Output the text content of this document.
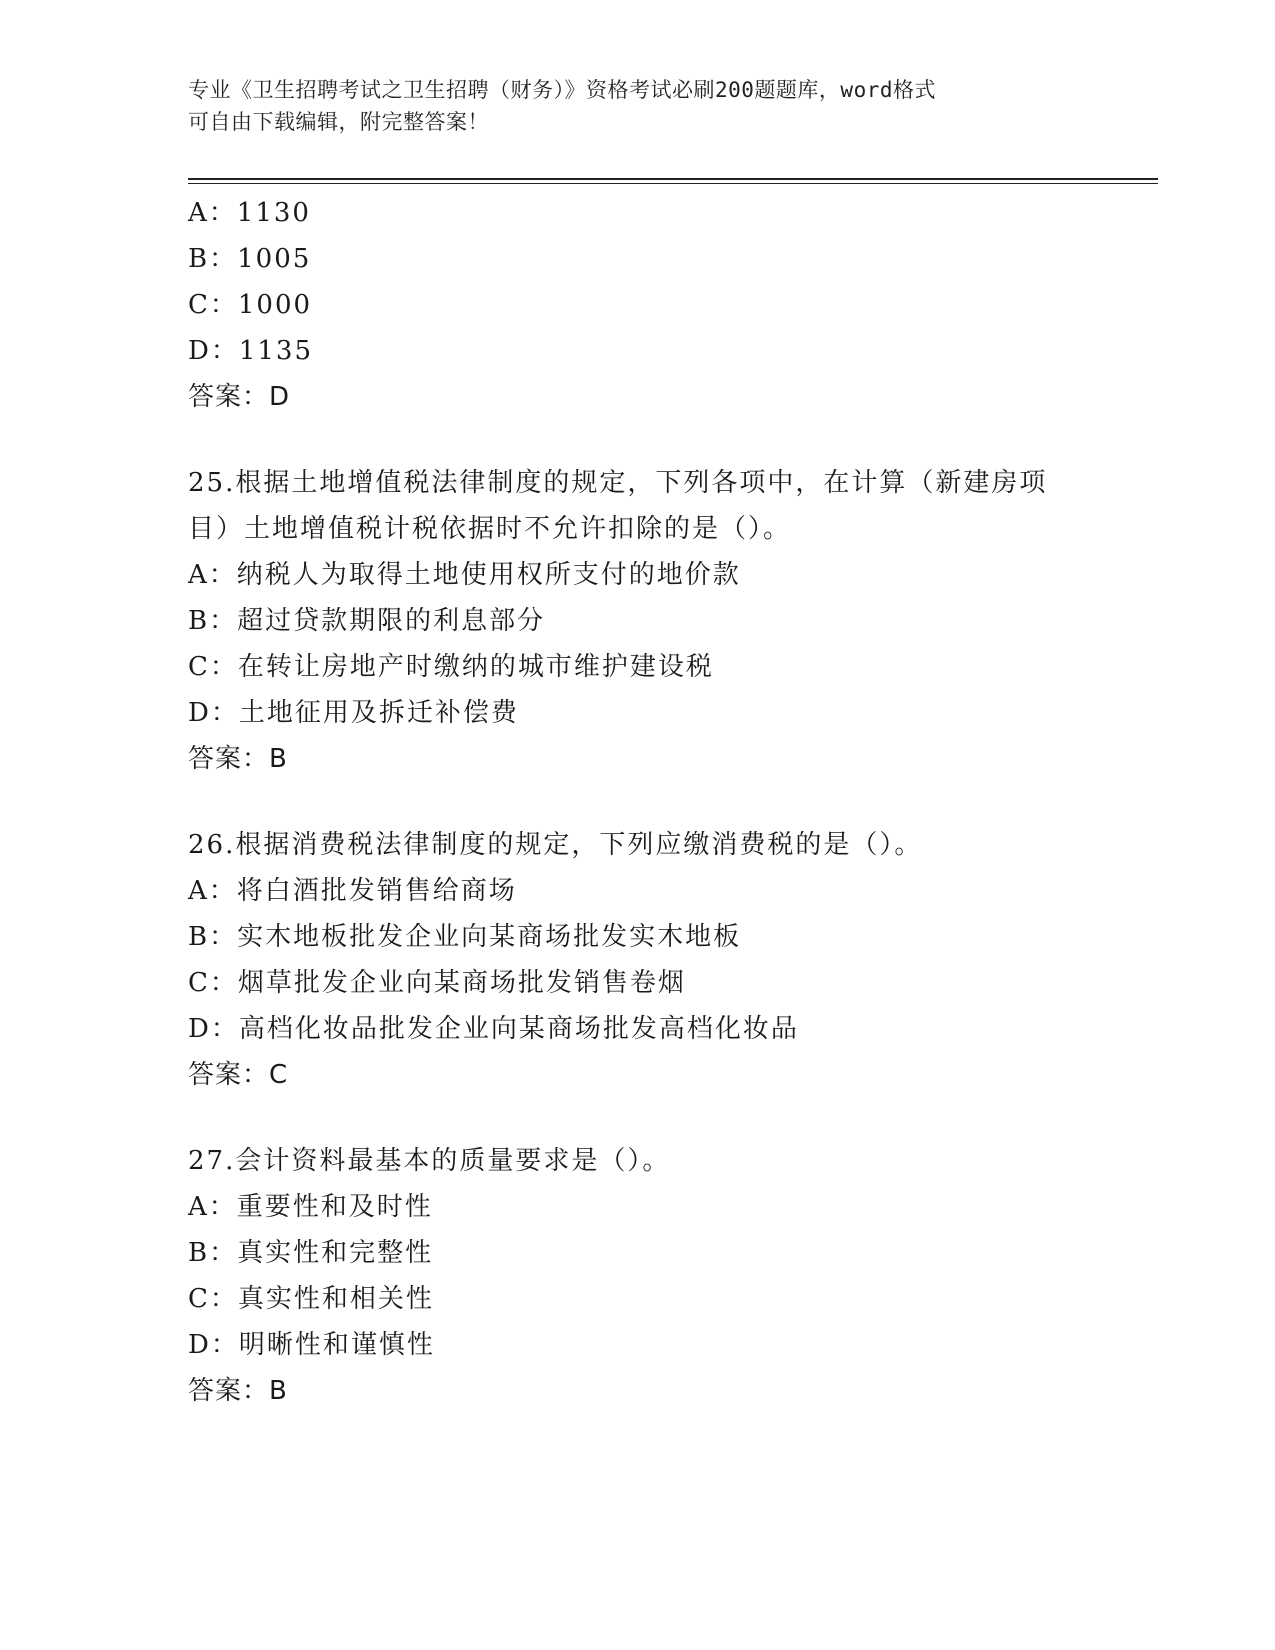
专业《卫生招聘考试之卫生招聘（财务）》资格考试必刷200题题库，word格式
可自由下载编辑，附完整答案！
A：1130
B：1005
C：1000
D：1135
答案：D
25.根据土地增值税法律制度的规定，下列各项中，在计算（新建房项
目）土地增值税计税依据时不允许扣除的是（）。
A：纳税人为取得土地使用权所支付的地价款
B：超过贷款期限的利息部分
C：在转让房地产时缴纳的城市维护建设税
D：土地征用及拆迁补偿费
答案：B
26.根据消费税法律制度的规定，下列应缴消费税的是（）。
A：将白酒批发销售给商场
B：实木地板批发企业向某商场批发实木地板
C：烟草批发企业向某商场批发销售卷烟
D：高档化妆品批发企业向某商场批发高档化妆品
答案：C
27.会计资料最基本的质量要求是（）。
A：重要性和及时性
B：真实性和完整性
C：真实性和相关性
D：明晰性和谨慎性
答案：B
